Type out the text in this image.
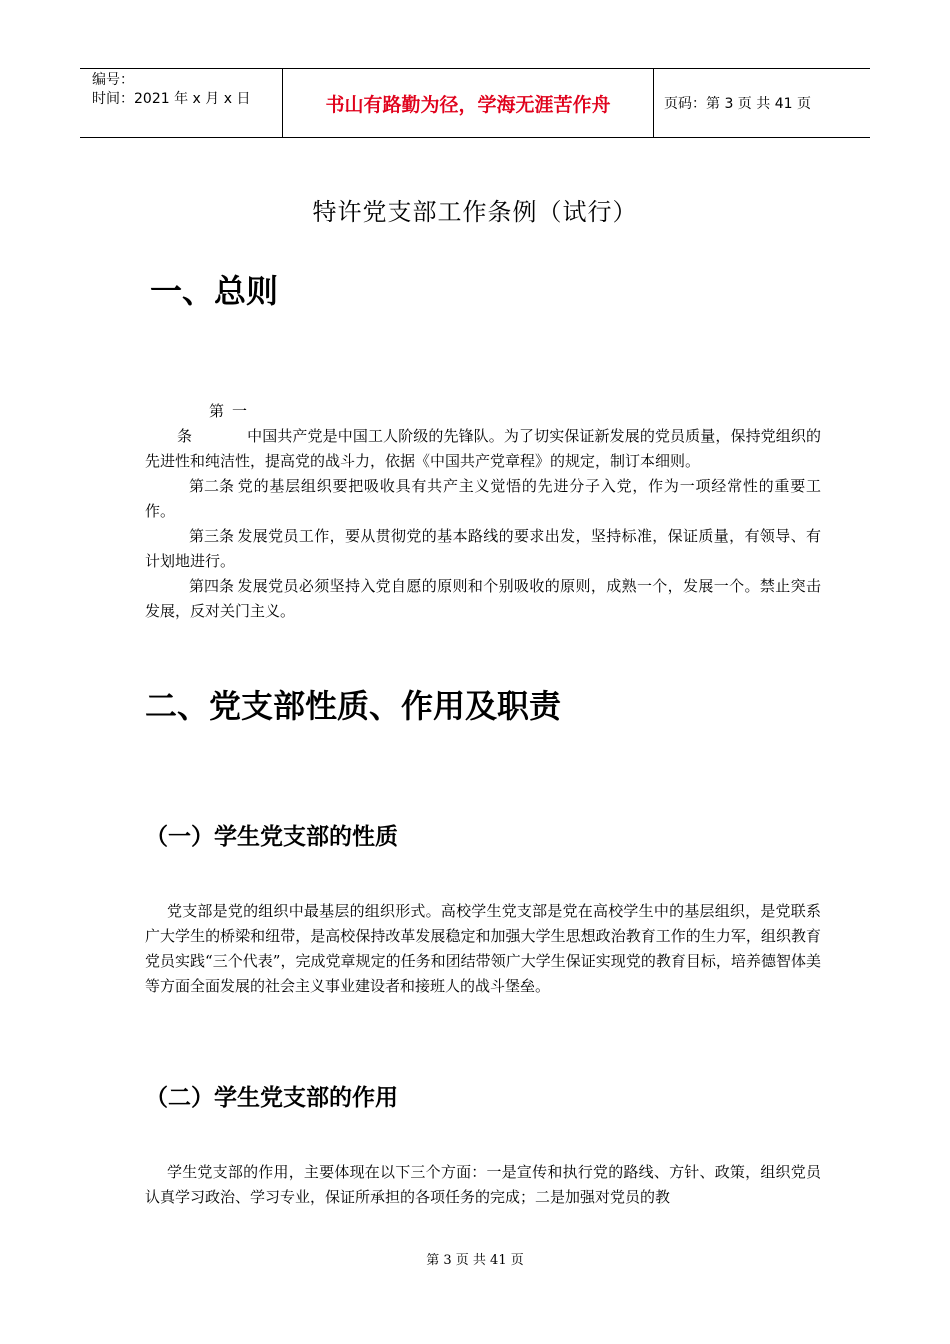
编号：
时间：2021 年 x 月 x 日	书山有路勤为径，学海无涯苦作舟	页码：第 3 页 共 41 页
特许党支部工作条例（试行）
一、总则

第一条	中国共产党是中国工人阶级的先锋队。为了切实保证新发展的党员质量，保持党组织的先进性和纯洁性，提高党的战斗力，依据《中国共产党章程》的规定，制订本细则。

第二条 党的基层组织要把吸收具有共产主义觉悟的先进分子入党，作为一项经常性的重要工作。

第三条 发展党员工作，要从贯彻党的基本路线的要求出发，坚持标准，保证质量，有领导、有计划地进行。

第四条 发展党员必须坚持入党自愿的原则和个别吸收的原则，成熟一个，发展一个。禁止突击发展，反对关门主义。

二、党支部性质、作用及职责
（一）学生党支部的性质

党支部是党的组织中最基层的组织形式。高校学生党支部是党在高校学生中的基层组织，是党联系广大学生的桥梁和纽带，是高校保持改革发展稳定和加强大学生思想政治教育工作的生力军，组织教育党员实践“三个代表”，完成党章规定的任务和团结带领广大学生保证实现党的教育目标，培养德智体美等方面全面发展的社会主义事业建设者和接班人的战斗堡垒。

（二）学生党支部的作用

学生党支部的作用，主要体现在以下三个方面：一是宣传和执行党的路线、方针、政策，组织党员认真学习政治、学习专业，保证所承担的各项任务的完成；二是加强对党员的教

第 3 页 共 41 页
